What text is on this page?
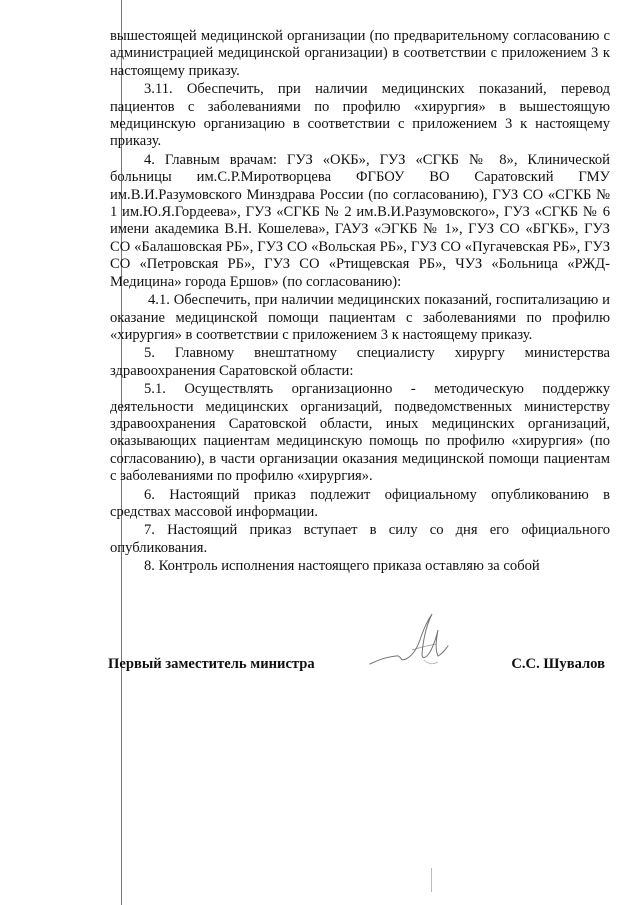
вышестоящей медицинской организации (по предварительному согласованию с администрацией медицинской организации) в соответствии с приложением 3 к настоящему приказу.

3.11. Обеспечить, при наличии медицинских показаний, перевод пациентов с заболеваниями по профилю «хирургия» в вышестоящую медицинскую организацию в соответствии с приложением 3 к настоящему приказу.

4. Главным врачам: ГУЗ «ОКБ», ГУЗ «СГКБ № 8», Клинической больницы им.С.Р.Миротворцева ФГБОУ ВО Саратовский ГМУ им.В.И.Разумовского Минздрава России (по согласованию), ГУЗ СО «СГКБ № 1 им.Ю.Я.Гордеева», ГУЗ «СГКБ № 2 им.В.И.Разумовского», ГУЗ «СГКБ № 6 имени академика В.Н. Кошелева», ГАУЗ «ЭГКБ № 1», ГУЗ СО «БГКБ», ГУЗ СО «Балашовская РБ», ГУЗ СО «Вольская РБ», ГУЗ СО «Пугачевская РБ», ГУЗ СО «Петровская РБ», ГУЗ СО «Ртищевская РБ», ЧУЗ «Больница «РЖД-Медицина» города Ершов» (по согласованию):

4.1. Обеспечить, при наличии медицинских показаний, госпитализацию и оказание медицинской помощи пациентам с заболеваниями по профилю «хирургия» в соответствии с приложением 3 к настоящему приказу.

5. Главному внештатному специалисту хирургу министерства здравоохранения Саратовской области:

5.1. Осуществлять организационно - методическую поддержку деятельности медицинских организаций, подведомственных министерству здравоохранения Саратовской области, иных медицинских организаций, оказывающих пациентам медицинскую помощь по профилю «хирургия» (по согласованию), в части организации оказания медицинской помощи пациентам с заболеваниями по профилю «хирургия».

6. Настоящий приказ подлежит официальному опубликованию в средствах массовой информации.

7. Настоящий приказ вступает в силу со дня его официального опубликования.

8. Контроль исполнения настоящего приказа оставляю за собой

Первый заместитель министра	С.С. Шувалов
